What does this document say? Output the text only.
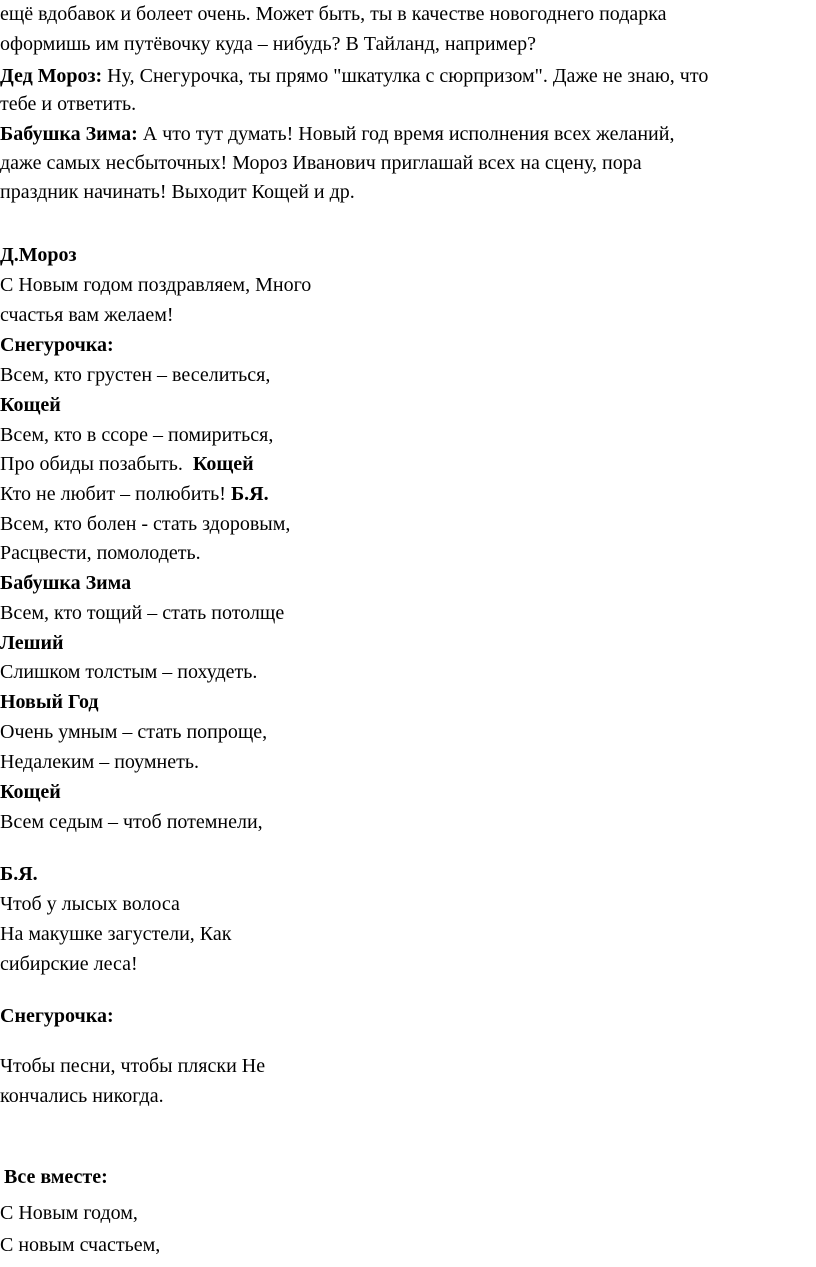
ещё вдобавок и болеет очень. Может быть, ты в качестве новогоднего подарка
оформишь им путёвочку куда – нибудь? В Тайланд, например?
Дед Мороз: Ну, Снегурочка, ты прямо "шкатулка с сюрпризом". Даже не знаю, что
тебе и ответить.
Бабушка Зима: А что тут думать! Новый год время исполнения всех желаний,
даже самых несбыточных! Мороз Иванович приглашай всех на сцену, пора
праздник начинать! Выходит Кощей и др.
Д.Мороз
С Новым годом поздравляем, Много
счастья вам желаем!
Снегурочка:
Всем, кто грустен – веселиться,
Кощей
Всем, кто в ссоре – помириться,
Про обиды позабыть.  Кощей
Кто не любит – полюбить! Б.Я.
Всем, кто болен - стать здоровым,
Расцвести, помолодеть.
Бабушка Зима
Всем, кто тощий – стать потолще
Леший
Слишком толстым – похудеть.
Новый Год
Очень умным – стать попроще,
Недалеким – поумнеть.
Кощей
Всем седым – чтоб потемнели,
Б.Я.
Чтоб у лысых волоса
На макушке загустели, Как
сибирские леса!
Снегурочка:
Чтобы песни, чтобы пляски Не
кончались никогда.
Все вместе:
С Новым годом,
С новым счастьем,
